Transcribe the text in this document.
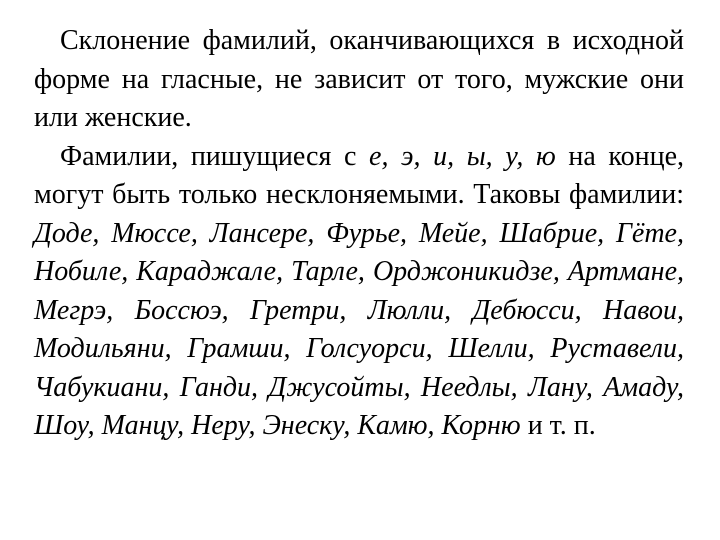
Склонение фамилий, оканчивающихся в исходной форме на гласные, не зависит от того, мужские они или женские.

Фамилии, пишущиеся с е, э, и, ы, у, ю на конце, могут быть только несклоняемыми. Таковы фамилии: Доде, Мюссе, Лансере, Фурье, Мейе, Шабрие, Гёте, Нобиле, Караджале, Тарле, Орджоникидзе, Артмане, Мегрэ, Боссюэ, Гретри, Люлли, Дебюсси, Навои, Модильяни, Грамши, Голсуорси, Шелли, Руставели, Чабукиани, Ганди, Джусойты, Неедлы, Лану, Амаду, Шоу, Манцу, Неру, Энеску, Камю, Корню и т. п.
